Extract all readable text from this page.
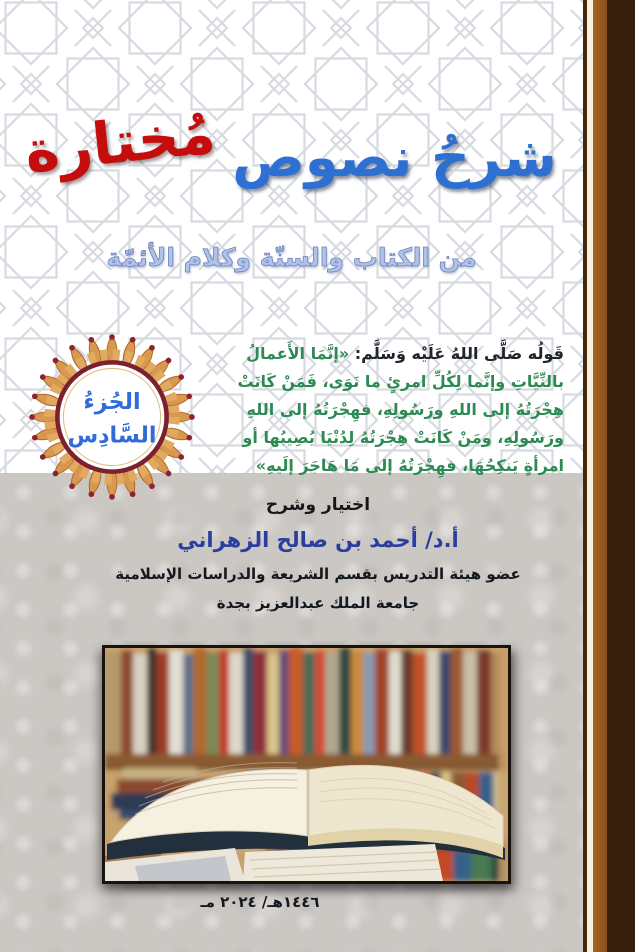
شرحُ نصوص مُختارة
من الكتاب والسنّة وكلام الأئمّة
الجُزءُ
السَّادِس

قَولُه صَلَّى اللهُ عَلَيْه وَسَلَّم: «إنَّمَا الأَعمالُ بالنِّيَّاتِ وإنَّما لِكُلِّ امرئٍ ما نَوَى، فَمَنْ كَانَتْ هِجْرَتُهُ إلى اللهِ ورَسُولِهِ، فهِجْرَتُهُ إلى اللهِ ورَسُولِهِ، ومَنْ كَانَتْ هِجْرَتُهُ لِدُنْيَا يُصِيبُها أو امرأةٍ يَنكِحُهَا، فهِجْرَتُهُ إلى مَا هَاجَرَ إلَيهِ»

اختيار وشرح

أ.د/ أحمد بن صالح الزهراني

عضو هيئة التدريس بقسم الشريعة والدراسات الإسلامية

جامعة الملك عبدالعزيز بجدة

١٤٤٦هـ/ ٢٠٢٤ مـ
